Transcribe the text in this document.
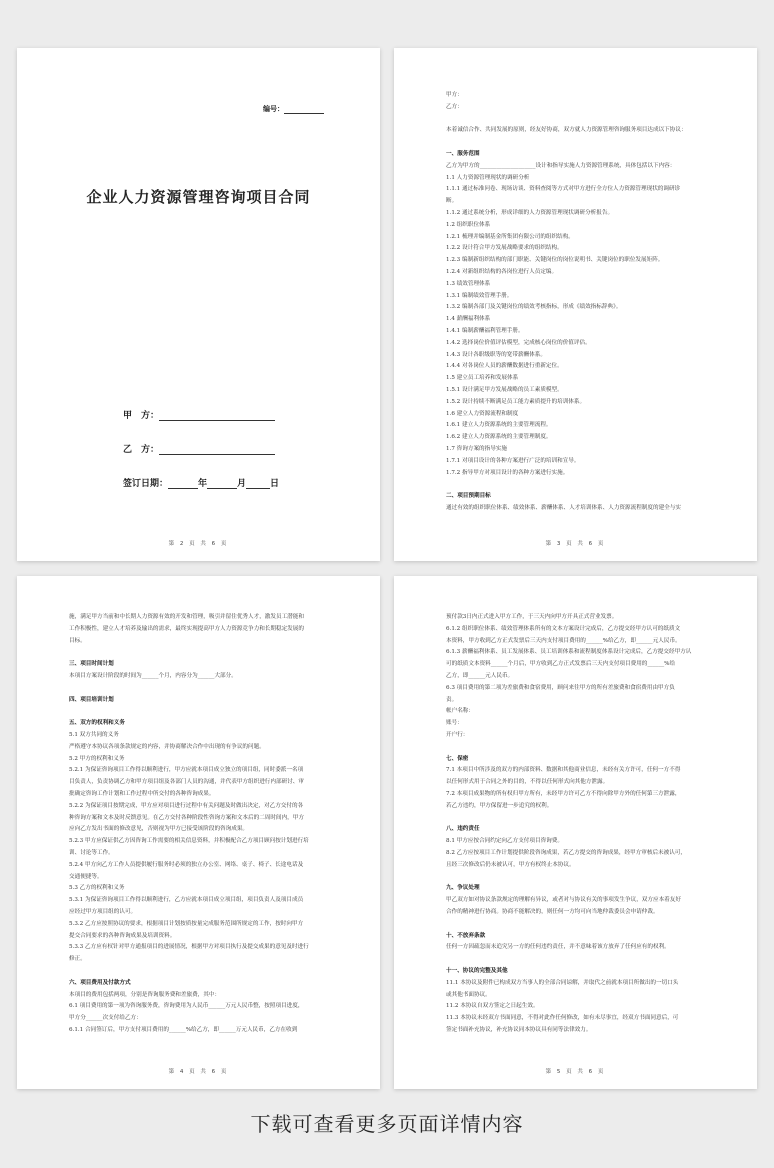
编号：
企业人力资源管理咨询项目合同
甲　方：
乙　方：
签订日期：	年	月	日
第 2 页 共 6 页
甲方：
乙方：
本着诚信合作、共同发展的原则，经友好协商，双方就人力资源管理咨询服务项目达成以下协议：
一、服务范围
乙方为甲方的____________________设计和指导实施人力资源管理系统，具体包括以下内容：
1.1 人力资源管理现状的调研分析
1.1.1 通过标准问卷、现场访谈、资料查阅等方式对甲方进行全方位人力资源管理现状的调研诊
断。
1.1.2 通过系统分析，形成详细的人力资源管理现状调研分析报告。
1.2 组织职位体系
1.2.1 梳理并编制基金所集团有限公司的组织结构。
1.2.2 设计符合甲方发展战略要求的组织结构。
1.2.3 编制新组织结构的部门职能、关键岗位的岗位说明书、关键岗位的职位发展矩阵。
1.2.4 对新组织结构的各岗位进行人员定编。
1.3 绩效管理体系
1.3.1 编制绩效管理手册。
1.3.2 编制各部门及关键岗位的绩效考核指标，形成《绩效指标辞典》。
1.4 薪酬福利体系
1.4.1 编制薪酬福利管理手册。
1.4.2 选择岗位价值评估模型，完成核心岗位的价值评估。
1.4.3 设计各职级职等的宽带薪酬体系。
1.4.4 对各岗位人员的薪酬数据进行重新定位。
1.5 建立员工培养和发展体系
1.5.1 设计满足甲方发展战略的员工素质模型。
1.5.2 设计持续不断满足员工能力素质提升的培训体系。
1.6 建立人力资源流程和制度
1.6.1 建立人力资源系统的主要管理流程。
1.6.2 建立人力资源系统的主要管理制度。
1.7 咨询方案的指导实施
1.7.1 对项目设计的各种方案进行广泛的培训和宣导。
1.7.2 指导甲方对项目设计的各种方案进行实施。
二、项目预期目标
通过有效的组织职位体系、绩效体系、薪酬体系、人才培训体系、人力资源流程制度的建全与实
第 3 页 共 6 页
施，满足甲方当前和中长期人力资源有效的开发和管理，吸引并留住优秀人才，激发员工潜能和
工作积极性，建立人才培养及输出的需求，最终实现提高甲方人力资源竞争力和长期稳定发展的
目标。
三、项目时间计划
本项目方案设计阶段的时间为______个月，内容分为______大部分。
四、项目培训计划
五、双方的权利和义务
5.1 双方共同的义务
严格遵守本协议各项条款规定的内容，并协商解决合作中出现的有争议的问题。
5.2 甲方的权利和义务
5.2.1 为保证咨询项目工作得以顺利进行，甲方应就本项目成立独立的项目组，同时委派一名项
目负责人，负责协调乙方和甲方项目组及各部门人员的沟通，并代表甲方组织进行内部研讨、审
批确定咨询工作计划和工作过程中所交付的各种咨询成果。
5.2.2 为保证项目按期完成，甲方应对项目进行过程中有关问题及时做出决定，对乙方交付的各
种咨询方案和文本及时反馈意见。在乙方交付各种阶段性咨询方案和文本后的二周时间内，甲方
应向乙方发出书面的修改意见，否则视为甲方已接受该阶段的咨询成果。
5.2.3 甲方应保证供乙方因咨询工作需要的相关信息资料，并积极配合乙方项目顾问按计划进行培
训、讨论等工作。
5.2.4 甲方向乙方工作人员提供履行服务时必须的独立办公室、网络、桌子、椅子、长途电话及
交通便捷等。
5.3 乙方的权利和义务
5.3.1 为保证咨询项目工作得以顺利进行，乙方应就本项目成立项目组，项目负责人及项目成员
应经过甲方项目组的认可。
5.3.2 乙方应按照协议的要求，根据项目计划按质按量完成服务范围所规定的工作，按时向甲方
提交合同要求的各种咨询成果及培训资料。
5.3.3 乙方应有权针对甲方通报项目的进展情况，根据甲方对项目执行及提交成果的意见及时进行
修正。
六、项目费用及付款方式
本项目的费用包括两项，分别是咨询服务费和差旅费，其中：
6.1 项目费用的第一项为咨询服务费，咨询费用为人民币______万元人民币整，按照项目进度，
甲方分______次支付给乙方：
6.1.1 合同签订后，甲方支付项目费用的______%给乙方，即______万元人民币，乙方在收到
第 4 页 共 6 页
预付款3日内正式进入甲方工作，于三天内向甲方开具正式营业发票。
6.1.2 组织职位体系、绩效管理体系所有的文本方案设计完成后，乙方提交经甲方认可的纸质文
本资料，甲方收到乙方正式发票后三天内支付项目费用的______%给乙方，即______元人民币。
6.1.3 薪酬福利体系、员工发展体系、员工培训体系和流程制度体系设计完成后，乙方提交经甲方认
可的纸质文本资料______个月后，甲方收到乙方正式发票后三天内支付项目费用的______%给
乙方，即______元人民币。
6.3 项目费用的第二项为差旅费和食宿费用，顾问来往甲方的所有差旅费和食宿费用由甲方负
责。
帐户名称：
账号：
开户行：
七、保密
7.1 本项目中所涉及的双方的内部资料、数据和其他商业信息，未经有关方许可，任何一方不得
以任何形式用于合同之外的目的，不得以任何形式向其他方泄露。
7.2 本项目成果物的所有权归甲方所有，未经甲方许可乙方不得向除甲方外的任何第三方泄露，
若乙方违约，甲方保留进一步追究的权利。
八、违约责任
8.1 甲方应按合同约定向乙方支付项目咨询费。
8.2 乙方应按项目工作计划提供阶段咨询成果，若乙方提交的咨询成果，经甲方审核后未被认可，
且经三次修改后仍未被认可，甲方有权终止本协议。
九、争议处理
甲乙双方如对协议条款规定的理解有异议，或者对与协议有关的事项发生争议，双方应本着友好
合作的精神进行协商。协商不能解决的，则任何一方均可向当地仲裁委员会申请仲裁。
十、不放弃条款
任何一方因疏忽而未追究另一方的任何违约责任，并不意味着该方放弃了任何应有的权利。
十一、协议的完整及其他
11.1 本协议及附件已构成双方当事人的全部合同谅解，并取代之前就本项目所做出的一切口头
或其他书面协议。
11.2 本协议自双方签定之日起生效。
11.3 本协议未经双方书面同意，不得对此作任何修改，如有未尽事宜，经双方书面同意后，可
签定书面补充协议，补充协议同本协议具有同等法律效力。
第 5 页 共 6 页
下载可查看更多页面详情内容
